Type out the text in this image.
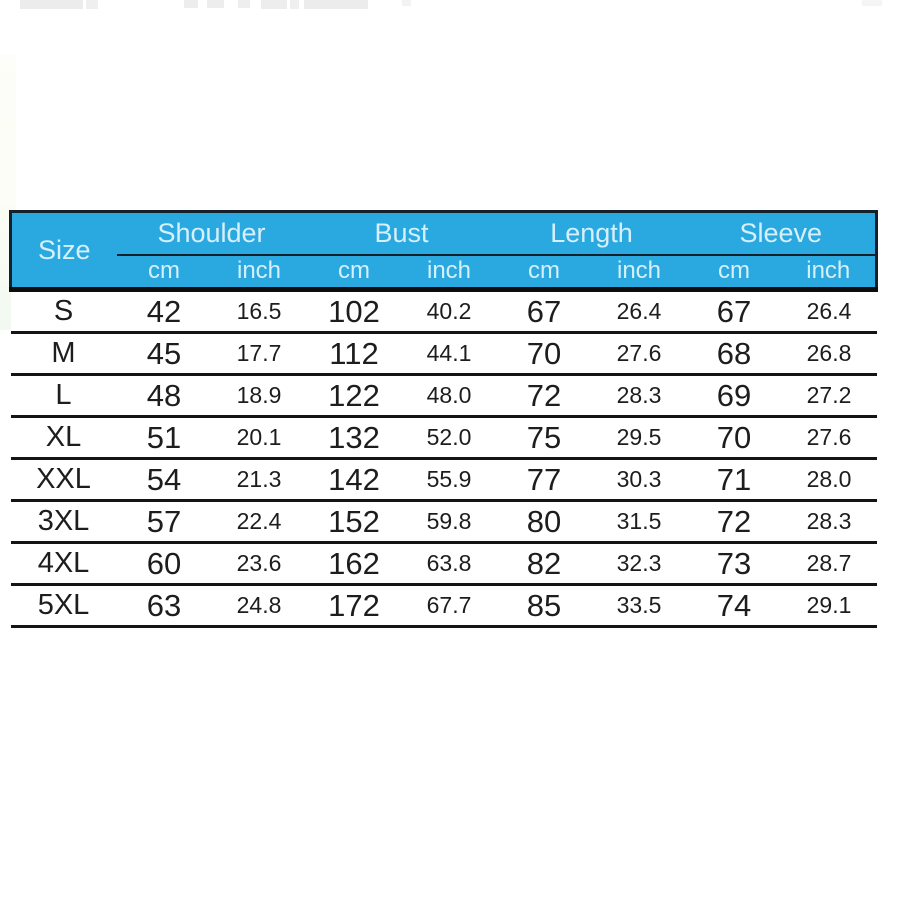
Size	Shoulder		Bust		Length		Sleeve	
	cm	inch	cm	inch	cm	inch	cm	inch
S	42	16.5	102	40.2	67	26.4	67	26.4
M	45	17.7	112	44.1	70	27.6	68	26.8
L	48	18.9	122	48.0	72	28.3	69	27.2
XL	51	20.1	132	52.0	75	29.5	70	27.6
XXL	54	21.3	142	55.9	77	30.3	71	28.0
3XL	57	22.4	152	59.8	80	31.5	72	28.3
4XL	60	23.6	162	63.8	82	32.3	73	28.7
5XL	63	24.8	172	67.7	85	33.5	74	29.1
